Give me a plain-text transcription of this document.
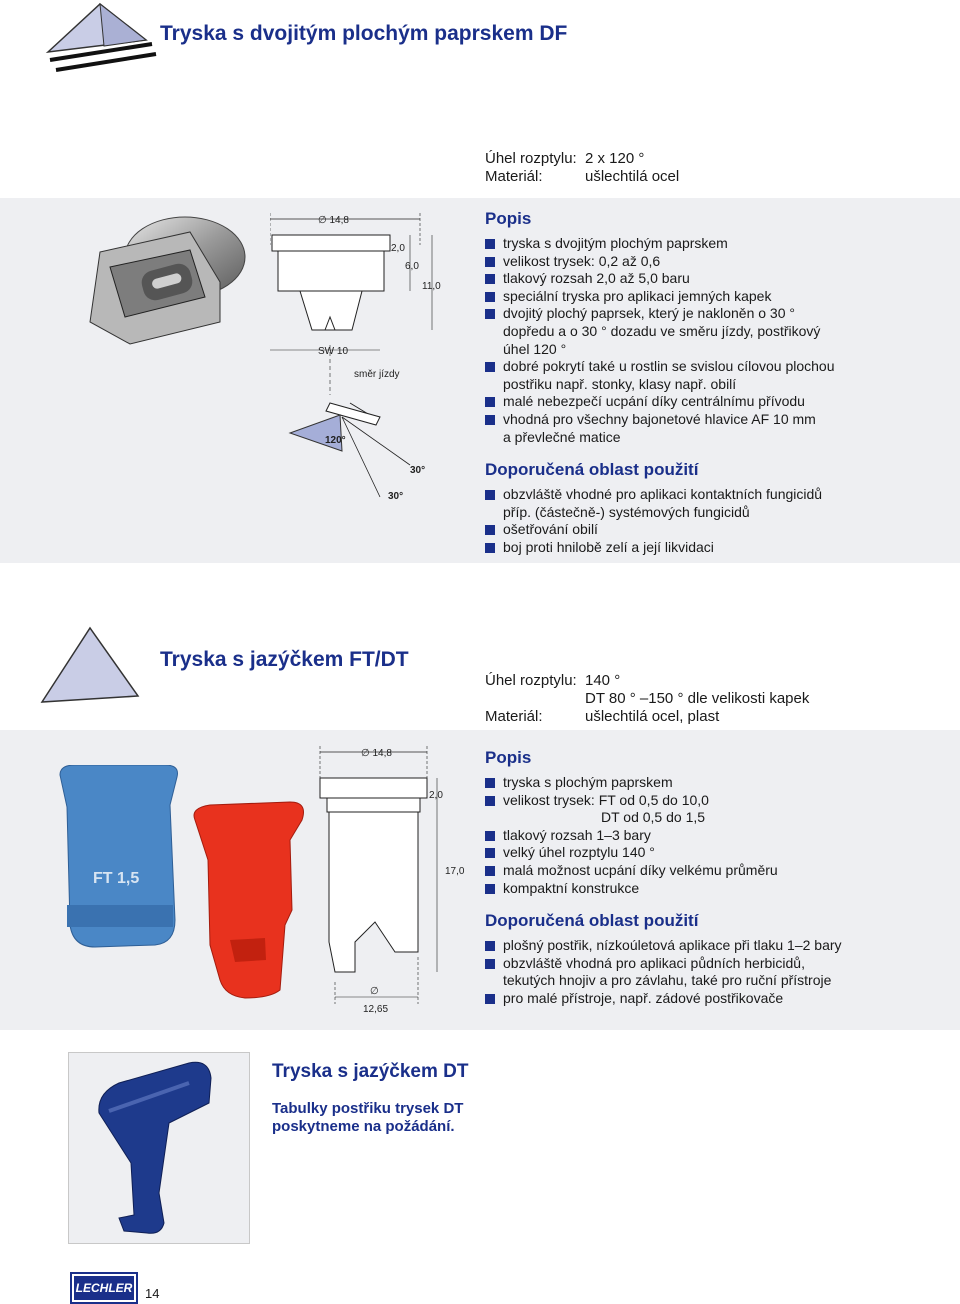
Tryska s dvojitým plochým paprskem DF
Úhel rozptylu: 2 x 120 °
Materiál:	ušlechtilá ocel
∅ 14,8
2,0
6,0
11,0
SW 10
směr jízdy
120°
30°
30°
Popis
tryska s dvojitým plochým paprskem
velikost trysek: 0,2 až 0,6
tlakový rozsah 2,0 až 5,0 baru
speciální tryska pro aplikaci jemných kapek
dvojitý plochý paprsek, který je nakloněn o 30 °
dopředu a o 30 ° dozadu ve směru jízdy, postřikový
úhel 120 °
dobré pokrytí také u rostlin se svislou cílovou plochou
postřiku např. stonky, klasy např. obilí
malé nebezpečí ucpání díky centrálnímu přívodu
vhodná pro všechny bajonetové hlavice AF 10 mm
a převlečné matice
Doporučená oblast použití
obzvláště vhodné pro aplikaci kontaktních fungicidů
příp. (částečně-) systémových fungicidů
ošetřování obilí
boj proti hnilobě zelí a její likvidaci
Tryska s jazýčkem FT/DT
Úhel rozptylu: 140 °
DT 80 ° –150 ° dle velikosti kapek
Materiál:	ušlechtilá ocel, plast
FT 1,5
∅ 14,8
2,0
17,0
∅
12,65
Popis
tryska s plochým paprskem
velikost trysek: FT od 0,5 do 10,0
DT od 0,5 do 1,5
tlakový rozsah 1–3 bary
velký úhel rozptylu 140 °
malá možnost ucpání díky velkému průměru
kompaktní konstrukce
Doporučená oblast použití
plošný postřik, nízkoúletová aplikace při tlaku 1–2 bary
obzvláště vhodná pro aplikaci půdních herbicidů,
tekutých hnojiv a pro závlahu, také pro ruční přístroje
pro malé přístroje, např. zádové postřikovače
Tryska s jazýčkem DT
Tabulky postřiku trysek DT
poskytneme na požádání.
LECHLER 14
